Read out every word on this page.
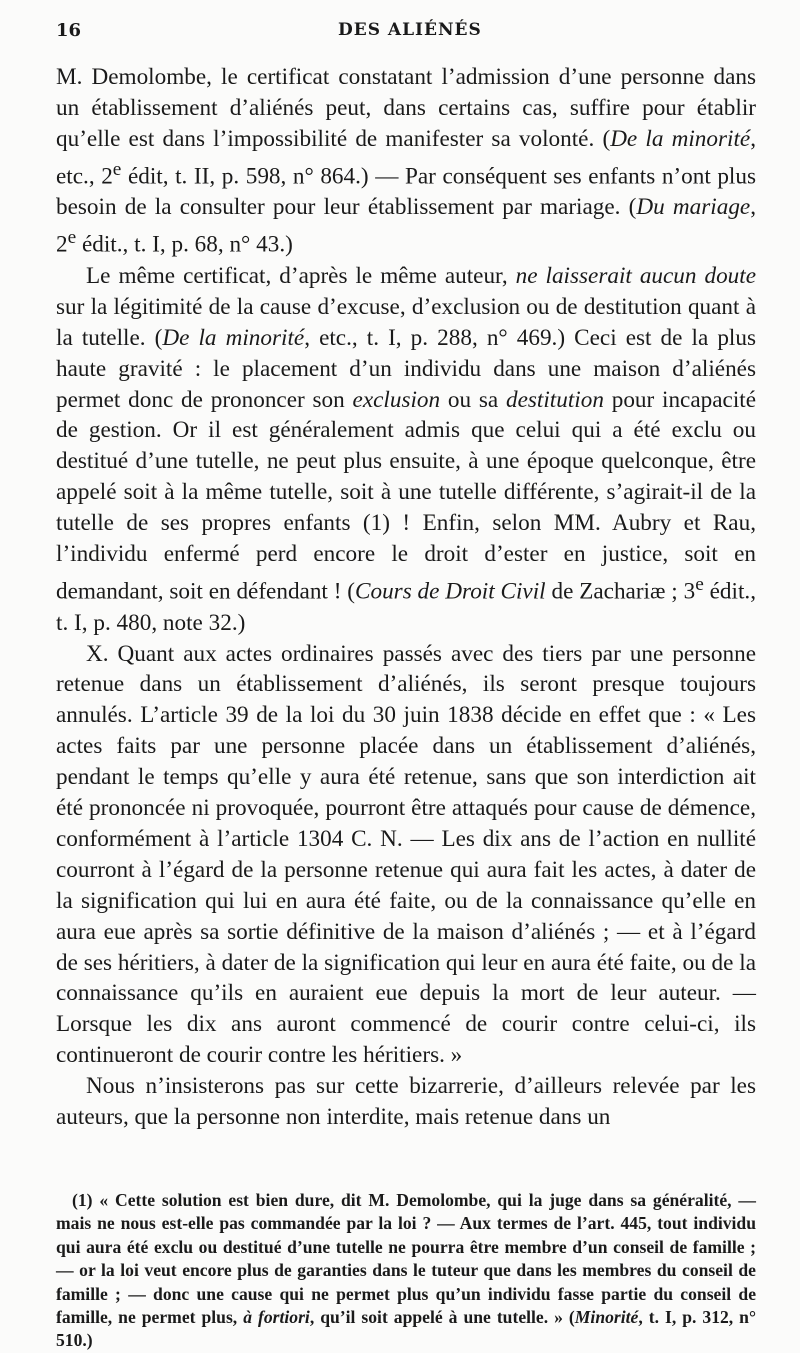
16	DES ALIÉNÉS

M. Demolombe, le certificat constatant l’admission d’une personne dans un établissement d’aliénés peut, dans certains cas, suffire pour établir qu’elle est dans l’impossibilité de manifester sa volonté. (De la minorité, etc., 2e édit, t. II, p. 598, n° 864.) — Par conséquent ses enfants n’ont plus besoin de la consulter pour leur établissement par mariage. (Du mariage, 2e édit., t. I, p. 68, n° 43.)

Le même certificat, d’après le même auteur, ne laisserait aucun doute sur la légitimité de la cause d’excuse, d’exclusion ou de destitution quant à la tutelle. (De la minorité, etc., t. I, p. 288, n° 469.) Ceci est de la plus haute gravité : le placement d’un individu dans une maison d’aliénés permet donc de prononcer son exclusion ou sa destitution pour incapacité de gestion. Or il est généralement admis que celui qui a été exclu ou destitué d’une tutelle, ne peut plus ensuite, à une époque quelconque, être appelé soit à la même tutelle, soit à une tutelle différente, s’agirait-il de la tutelle de ses propres enfants (1) ! Enfin, selon MM. Aubry et Rau, l’individu enfermé perd encore le droit d’ester en justice, soit en demandant, soit en défendant ! (Cours de Droit Civil de Zachariæ ; 3e édit., t. I, p. 480, note 32.)

X. Quant aux actes ordinaires passés avec des tiers par une personne retenue dans un établissement d’aliénés, ils seront presque toujours annulés. L’article 39 de la loi du 30 juin 1838 décide en effet que : « Les actes faits par une personne placée dans un établissement d’aliénés, pendant le temps qu’elle y aura été retenue, sans que son interdiction ait été prononcée ni provoquée, pourront être attaqués pour cause de démence, conformément à l’article 1304 C. N. — Les dix ans de l’action en nullité courront à l’égard de la personne retenue qui aura fait les actes, à dater de la signification qui lui en aura été faite, ou de la connaissance qu’elle en aura eue après sa sortie définitive de la maison d’aliénés ; — et à l’égard de ses héritiers, à dater de la signification qui leur en aura été faite, ou de la connaissance qu’ils en auraient eue depuis la mort de leur auteur. — Lorsque les dix ans auront commencé de courir contre celui-ci, ils continueront de courir contre les héritiers. »

Nous n’insisterons pas sur cette bizarrerie, d’ailleurs relevée par les auteurs, que la personne non interdite, mais retenue dans un

(1) « Cette solution est bien dure, dit M. Demolombe, qui la juge dans sa généralité, — mais ne nous est-elle pas commandée par la loi ? — Aux termes de l’art. 445, tout individu qui aura été exclu ou destitué d’une tutelle ne pourra être membre d’un conseil de famille ; — or la loi veut encore plus de garanties dans le tuteur que dans les membres du conseil de famille ; — donc une cause qui ne permet plus qu’un individu fasse partie du conseil de famille, ne permet plus, à fortiori, qu’il soit appelé à une tutelle. » (Minorité, t. I, p. 312, n° 510.)
